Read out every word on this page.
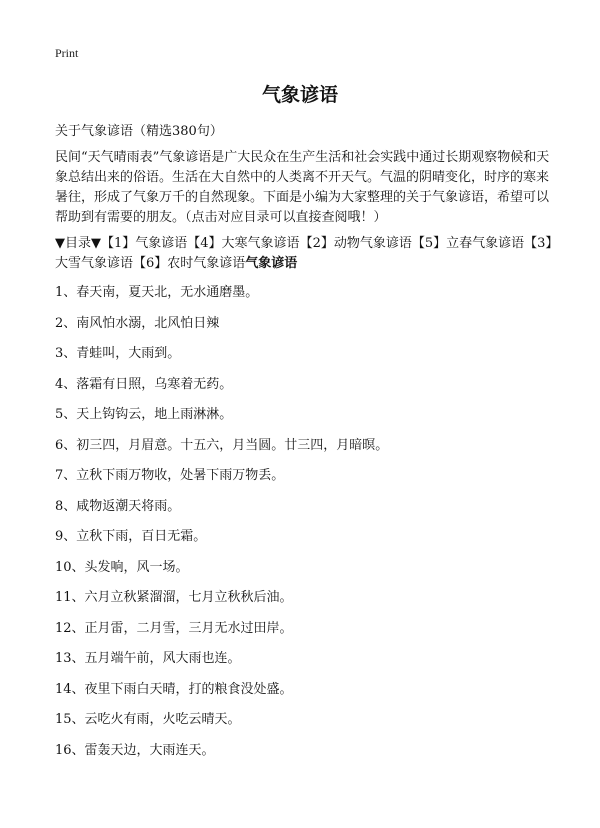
Print
气象谚语
关于气象谚语（精选380句）

民间“天气晴雨表”气象谚语是广大民众在生产生活和社会实践中通过长期观察物候和天象总结出来的俗语。生活在大自然中的人类离不开天气。气温的阴晴变化，时序的寒来暑往，形成了气象万千的自然现象。下面是小编为大家整理的关于气象谚语，希望可以帮助到有需要的朋友。（点击对应目录可以直接查阅哦！）

▼目录▼【1】气象谚语【4】大寒气象谚语【2】动物气象谚语【5】立春气象谚语【3】大雪气象谚语【6】农时气象谚语气象谚语
1、春天南，夏天北，无水通磨墨。
2、南风怕水溺，北风怕日辣
3、青蛙叫，大雨到。
4、落霜有日照，乌寒着无药。
5、天上钩钩云，地上雨淋淋。
6、初三四，月眉意。十五六，月当圆。廿三四，月暗暝。
7、立秋下雨万物收，处暑下雨万物丢。
8、咸物返潮天将雨。
9、立秋下雨，百日无霜。
10、头发响，风一场。
11、六月立秋紧溜溜，七月立秋秋后油。
12、正月雷，二月雪，三月无水过田岸。
13、五月端午前，风大雨也连。
14、夜里下雨白天晴，打的粮食没处盛。
15、云吃火有雨，火吃云晴天。
16、雷轰天边，大雨连天。
